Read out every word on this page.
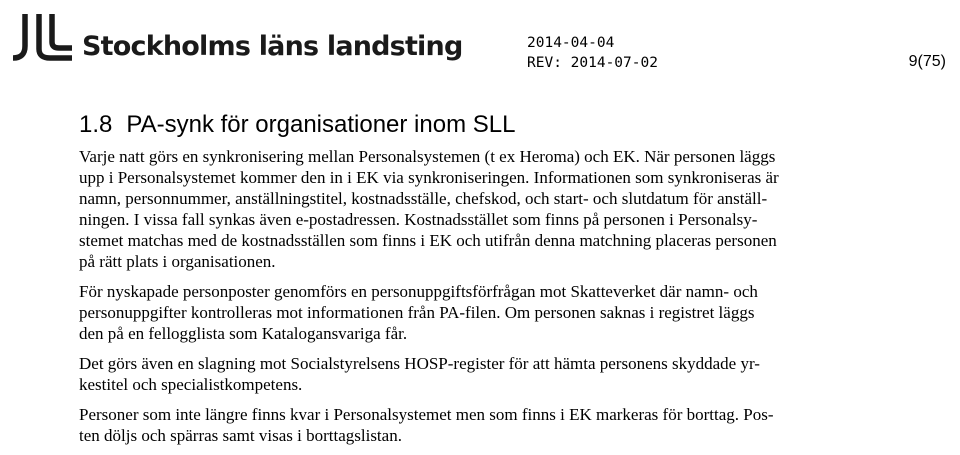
Stockholms läns landsting	2014-04-04
REV: 2014-07-02	9(75)
1.8 PA-synk för organisationer inom SLL

Varje natt görs en synkronisering mellan Personalsystemen (t ex Heroma) och EK. När personen läggs
upp i Personalsystemet kommer den in i EK via synkroniseringen. Informationen som synkroniseras är
namn, personnummer, anställningstitel, kostnadsställe, chefskod, och start- och slutdatum för anställ-
ningen. I vissa fall synkas även e-postadressen. Kostnadsstället som finns på personen i Personalsy-
stemet matchas med de kostnadsställen som finns i EK och utifrån denna matchning placeras personen
på rätt plats i organisationen.

För nyskapade personposter genomförs en personuppgiftsförfrågan mot Skatteverket där namn- och
personuppgifter kontrolleras mot informationen från PA-filen. Om personen saknas i registret läggs
den på en fellogglista som Katalogansvariga får.

Det görs även en slagning mot Socialstyrelsens HOSP-register för att hämta personens skyddade yr-
kestitel och specialistkompetens.

Personer som inte längre finns kvar i Personalsystemet men som finns i EK markeras för borttag. Pos-
ten döljs och spärras samt visas i borttagslistan.
